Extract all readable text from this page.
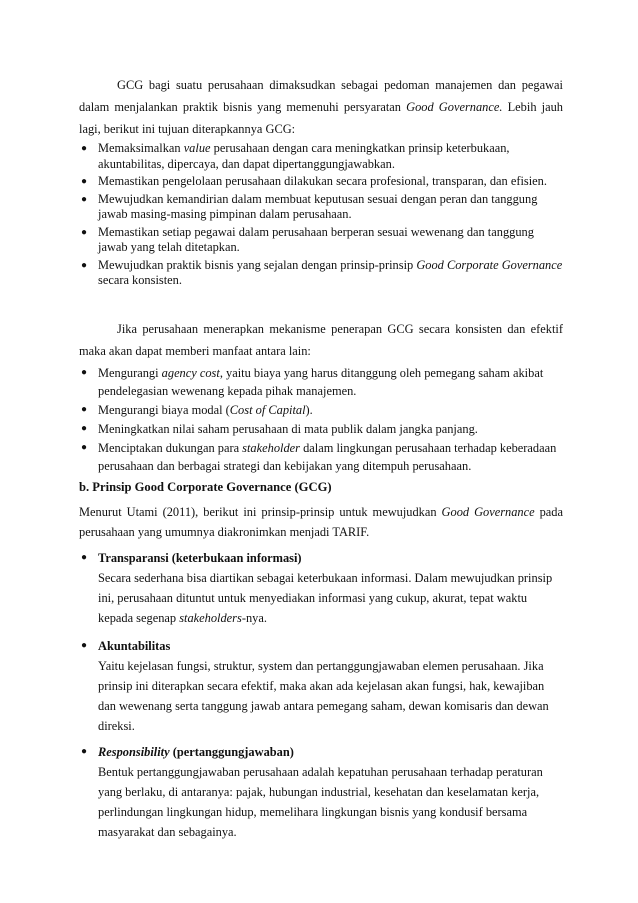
GCG bagi suatu perusahaan dimaksudkan sebagai pedoman manajemen dan pegawai dalam menjalankan praktik bisnis yang memenuhi persyaratan Good Governance. Lebih jauh lagi, berikut ini tujuan diterapkannya GCG:

● Memaksimalkan value perusahaan dengan cara meningkatkan prinsip keterbukaan, akuntabilitas, dipercaya, dan dapat dipertanggungjawabkan.
● Memastikan pengelolaan perusahaan dilakukan secara profesional, transparan, dan efisien.
● Mewujudkan kemandirian dalam membuat keputusan sesuai dengan peran dan tanggung jawab masing-masing pimpinan dalam perusahaan.
● Memastikan setiap pegawai dalam perusahaan berperan sesuai wewenang dan tanggung jawab yang telah ditetapkan.
● Mewujudkan praktik bisnis yang sejalan dengan prinsip-prinsip Good Corporate Governance secara konsisten.

Jika perusahaan menerapkan mekanisme penerapan GCG secara konsisten dan efektif maka akan dapat memberi manfaat antara lain:

● Mengurangi agency cost, yaitu biaya yang harus ditanggung oleh pemegang saham akibat pendelegasian wewenang kepada pihak manajemen.
● Mengurangi biaya modal (Cost of Capital).
● Meningkatkan nilai saham perusahaan di mata publik dalam jangka panjang.
● Menciptakan dukungan para stakeholder dalam lingkungan perusahaan terhadap keberadaan perusahaan dan berbagai strategi dan kebijakan yang ditempuh perusahaan.

b. Prinsip Good Corporate Governance (GCG)

Menurut Utami (2011), berikut ini prinsip-prinsip untuk mewujudkan Good Governance pada perusahaan yang umumnya diakronimkan menjadi TARIF.

● Transparansi (keterbukaan informasi)
Secara sederhana bisa diartikan sebagai keterbukaan informasi. Dalam mewujudkan prinsip ini, perusahaan dituntut untuk menyediakan informasi yang cukup, akurat, tepat waktu kepada segenap stakeholders-nya.
● Akuntabilitas
Yaitu kejelasan fungsi, struktur, system dan pertanggungjawaban elemen perusahaan. Jika prinsip ini diterapkan secara efektif, maka akan ada kejelasan akan fungsi, hak, kewajiban dan wewenang serta tanggung jawab antara pemegang saham, dewan komisaris dan dewan direksi.
● Responsibility (pertanggungjawaban)
Bentuk pertanggungjawaban perusahaan adalah kepatuhan perusahaan terhadap peraturan yang berlaku, di antaranya: pajak, hubungan industrial, kesehatan dan keselamatan kerja, perlindungan lingkungan hidup, memelihara lingkungan bisnis yang kondusif bersama masyarakat dan sebagainya.
